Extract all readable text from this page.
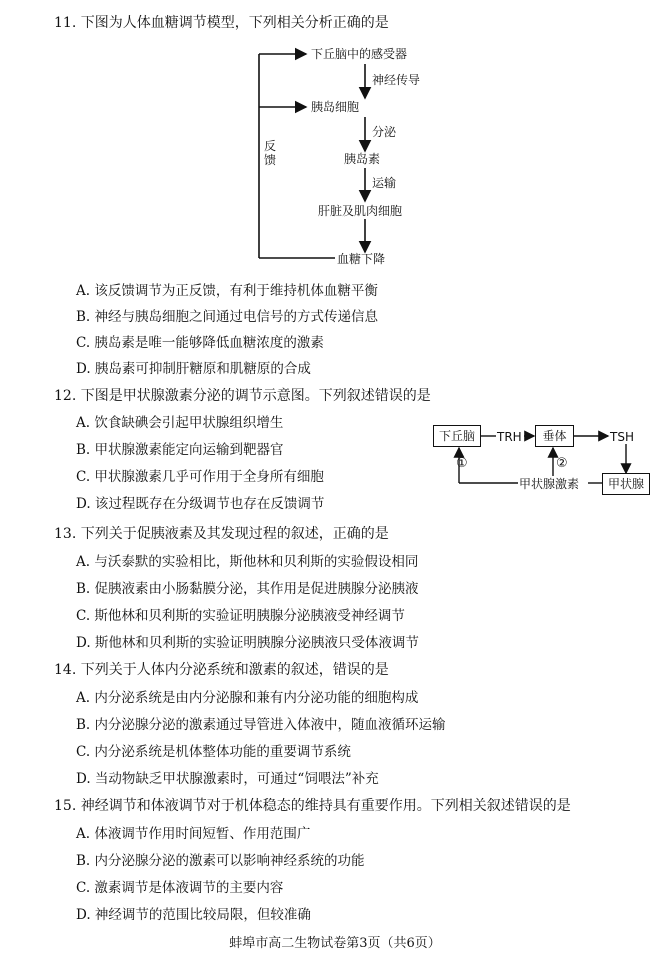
11. 下图为人体血糖调节模型，下列相关分析正确的是
下丘脑中的感受器
神经传导
胰岛细胞
分泌
胰岛素
运输
肝脏及肌肉细胞
血糖下降
反馈
A. 该反馈调节为正反馈，有利于维持机体血糖平衡
B. 神经与胰岛细胞之间通过电信号的方式传递信息
C. 胰岛素是唯一能够降低血糖浓度的激素
D. 胰岛素可抑制肝糖原和肌糖原的合成
12. 下图是甲状腺激素分泌的调节示意图。下列叙述错误的是
A. 饮食缺碘会引起甲状腺组织增生
B. 甲状腺激素能定向运输到靶器官
C. 甲状腺激素几乎可作用于全身所有细胞
D. 该过程既存在分级调节也存在反馈调节
下丘脑	TRH	垂体	TSH
甲状腺
甲状腺激素
①	②
13. 下列关于促胰液素及其发现过程的叙述，正确的是
A. 与沃泰默的实验相比，斯他林和贝利斯的实验假设相同
B. 促胰液素由小肠黏膜分泌，其作用是促进胰腺分泌胰液
C. 斯他林和贝利斯的实验证明胰腺分泌胰液受神经调节
D. 斯他林和贝利斯的实验证明胰腺分泌胰液只受体液调节
14. 下列关于人体内分泌系统和激素的叙述，错误的是
A. 内分泌系统是由内分泌腺和兼有内分泌功能的细胞构成
B. 内分泌腺分泌的激素通过导管进入体液中，随血液循环运输
C. 内分泌系统是机体整体功能的重要调节系统
D. 当动物缺乏甲状腺激素时，可通过“饲喂法”补充
15. 神经调节和体液调节对于机体稳态的维持具有重要作用。下列相关叙述错误的是
A. 体液调节作用时间短暂、作用范围广
B. 内分泌腺分泌的激素可以影响神经系统的功能
C. 激素调节是体液调节的主要内容
D. 神经调节的范围比较局限，但较准确
蚌埠市高二生物试卷第3页（共6页）
